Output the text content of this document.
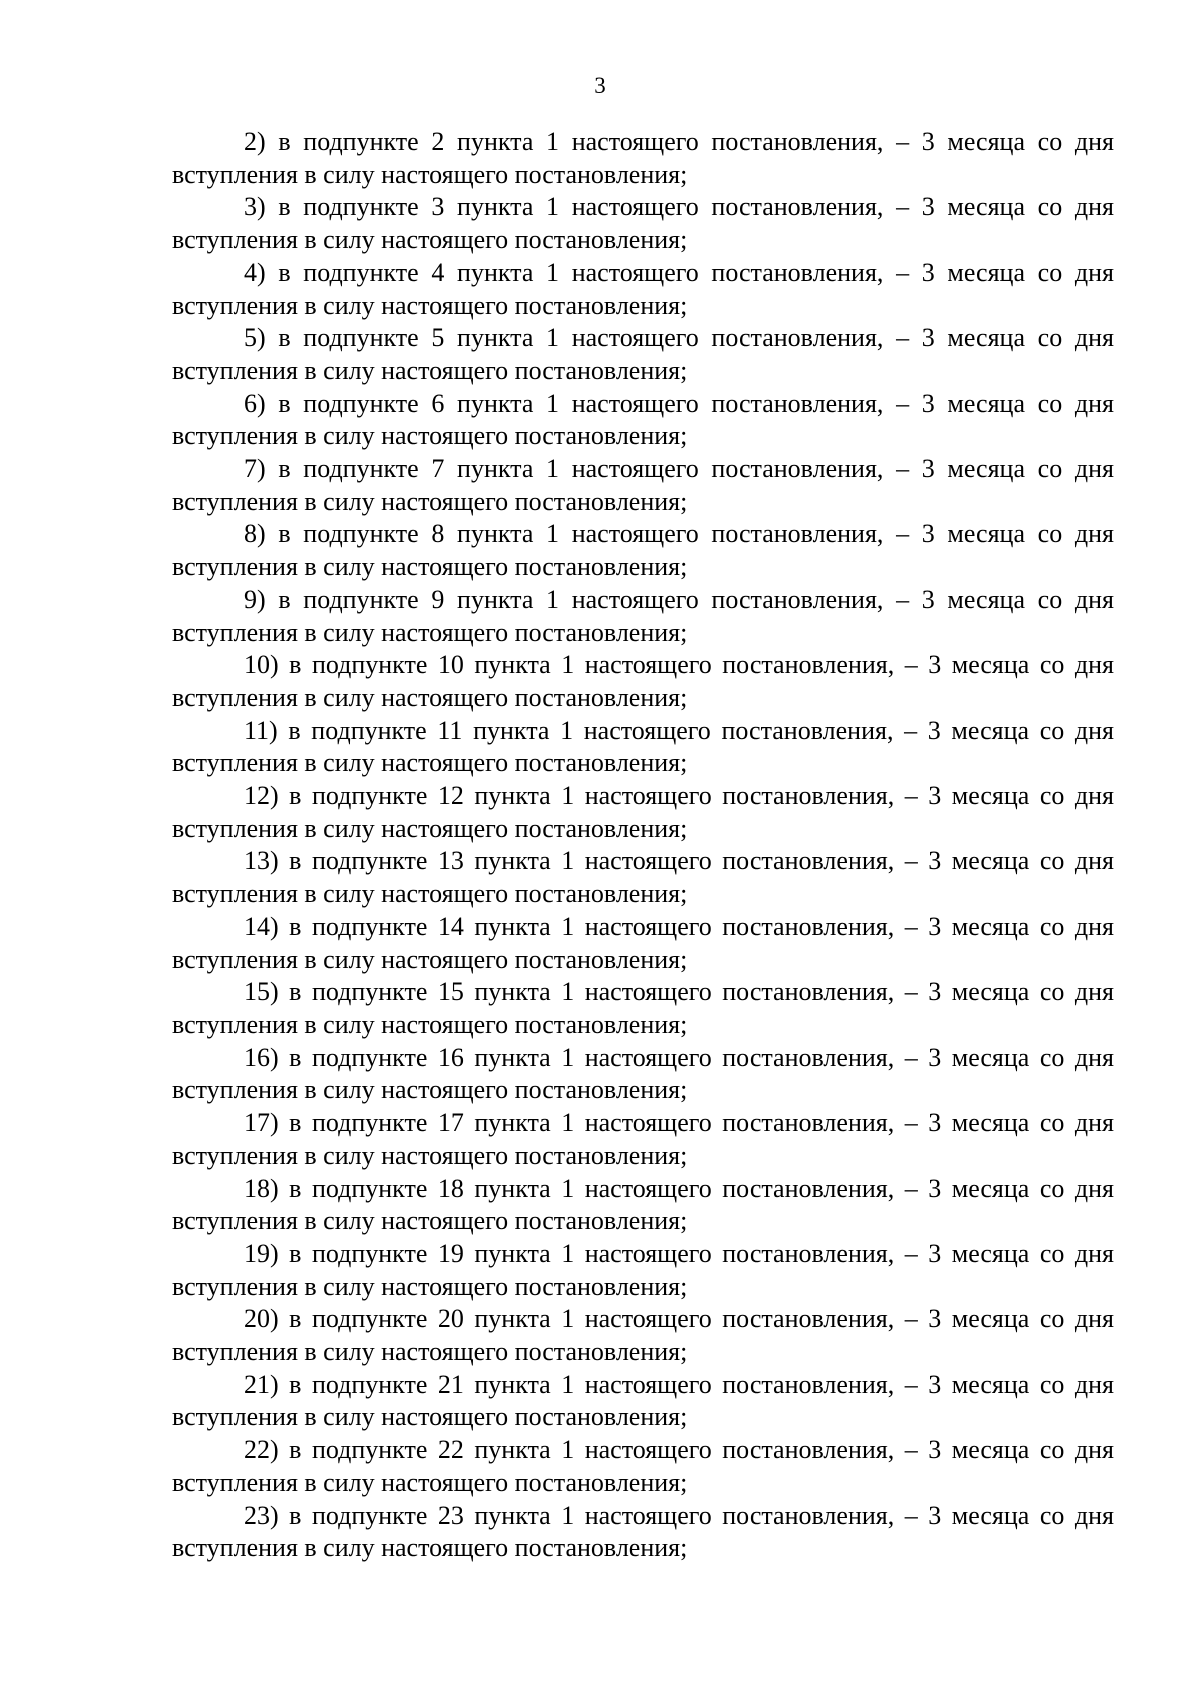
3

2) в подпункте 2 пункта 1 настоящего постановления, – 3 месяца со дня вступления в силу настоящего постановления;

3) в подпункте 3 пункта 1 настоящего постановления, – 3 месяца со дня вступления в силу настоящего постановления;

4) в подпункте 4 пункта 1 настоящего постановления, – 3 месяца со дня вступления в силу настоящего постановления;

5) в подпункте 5 пункта 1 настоящего постановления, – 3 месяца со дня вступления в силу настоящего постановления;

6) в подпункте 6 пункта 1 настоящего постановления, – 3 месяца со дня вступления в силу настоящего постановления;

7) в подпункте 7 пункта 1 настоящего постановления, – 3 месяца со дня вступления в силу настоящего постановления;

8) в подпункте 8 пункта 1 настоящего постановления, – 3 месяца со дня вступления в силу настоящего постановления;

9) в подпункте 9 пункта 1 настоящего постановления, – 3 месяца со дня вступления в силу настоящего постановления;

10) в подпункте 10 пункта 1 настоящего постановления, – 3 месяца со дня вступления в силу настоящего постановления;

11) в подпункте 11 пункта 1 настоящего постановления, – 3 месяца со дня вступления в силу настоящего постановления;

12) в подпункте 12 пункта 1 настоящего постановления, – 3 месяца со дня вступления в силу настоящего постановления;

13) в подпункте 13 пункта 1 настоящего постановления, – 3 месяца со дня вступления в силу настоящего постановления;

14) в подпункте 14 пункта 1 настоящего постановления, – 3 месяца со дня вступления в силу настоящего постановления;

15) в подпункте 15 пункта 1 настоящего постановления, – 3 месяца со дня вступления в силу настоящего постановления;

16) в подпункте 16 пункта 1 настоящего постановления, – 3 месяца со дня вступления в силу настоящего постановления;

17) в подпункте 17 пункта 1 настоящего постановления, – 3 месяца со дня вступления в силу настоящего постановления;

18) в подпункте 18 пункта 1 настоящего постановления, – 3 месяца со дня вступления в силу настоящего постановления;

19) в подпункте 19 пункта 1 настоящего постановления, – 3 месяца со дня вступления в силу настоящего постановления;

20) в подпункте 20 пункта 1 настоящего постановления, – 3 месяца со дня вступления в силу настоящего постановления;

21) в подпункте 21 пункта 1 настоящего постановления, – 3 месяца со дня вступления в силу настоящего постановления;

22) в подпункте 22 пункта 1 настоящего постановления, – 3 месяца со дня вступления в силу настоящего постановления;

23) в подпункте 23 пункта 1 настоящего постановления, – 3 месяца со дня вступления в силу настоящего постановления;
